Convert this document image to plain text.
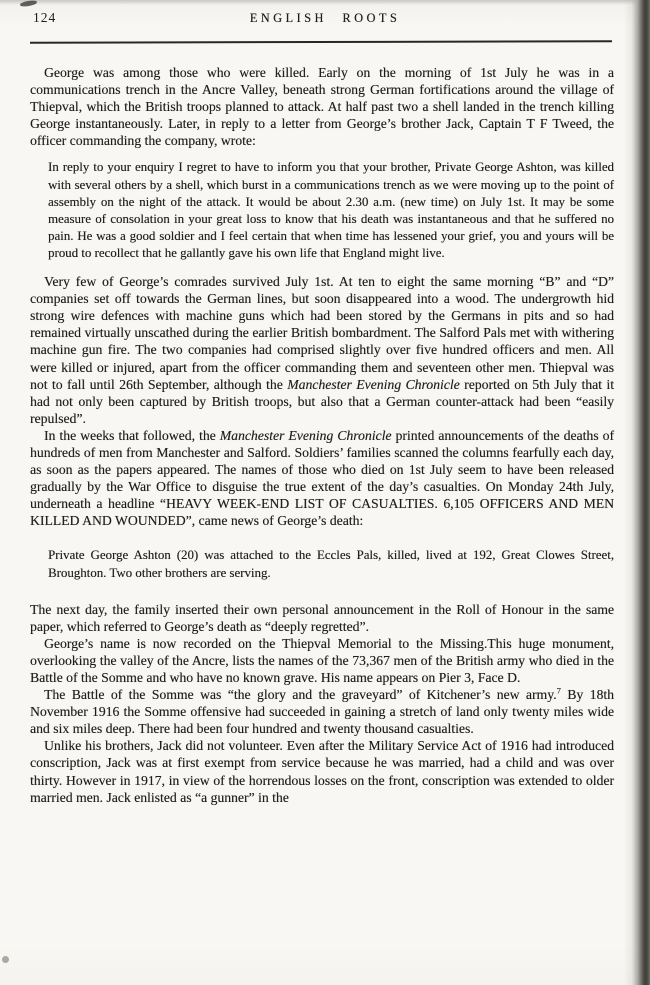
124	ENGLISH ROOTS

George was among those who were killed. Early on the morning of 1st July he was in a communications trench in the Ancre Valley, beneath strong German fortifications around the village of Thiepval, which the British troops planned to attack. At half past two a shell landed in the trench killing George instantaneously. Later, in reply to a letter from George’s brother Jack, Captain T F Tweed, the officer commanding the company, wrote:

In reply to your enquiry I regret to have to inform you that your brother, Private George Ashton, was killed with several others by a shell, which burst in a communications trench as we were moving up to the point of assembly on the night of the attack. It would be about 2.30 a.m. (new time) on July 1st. It may be some measure of consolation in your great loss to know that his death was instantaneous and that he suffered no pain. He was a good soldier and I feel certain that when time has lessened your grief, you and yours will be proud to recollect that he gallantly gave his own life that England might live.

Very few of George’s comrades survived July 1st. At ten to eight the same morning “B” and “D” companies set off towards the German lines, but soon disappeared into a wood. The undergrowth hid strong wire defences with machine guns which had been stored by the Germans in pits and so had remained virtually unscathed during the earlier British bombardment. The Salford Pals met with withering machine gun fire. The two companies had comprised slightly over five hundred officers and men. All were killed or injured, apart from the officer commanding them and seventeen other men. Thiepval was not to fall until 26th September, although the Manchester Evening Chronicle reported on 5th July that it had not only been captured by British troops, but also that a German counter-attack had been “easily repulsed”.

In the weeks that followed, the Manchester Evening Chronicle printed announcements of the deaths of hundreds of men from Manchester and Salford. Soldiers’ families scanned the columns fearfully each day, as soon as the papers appeared. The names of those who died on 1st July seem to have been released gradually by the War Office to disguise the true extent of the day’s casualties. On Monday 24th July, underneath a headline “HEAVY WEEK-END LIST OF CASUALTIES. 6,105 OFFICERS AND MEN KILLED AND WOUNDED”, came news of George’s death:

Private George Ashton (20) was attached to the Eccles Pals, killed, lived at 192, Great Clowes Street, Broughton. Two other brothers are serving.

The next day, the family inserted their own personal announcement in the Roll of Honour in the same paper, which referred to George’s death as “deeply regretted”.

George’s name is now recorded on the Thiepval Memorial to the Missing.This huge monument, overlooking the valley of the Ancre, lists the names of the 73,367 men of the British army who died in the Battle of the Somme and who have no known grave. His name appears on Pier 3, Face D.

The Battle of the Somme was “the glory and the graveyard” of Kitchener’s new army.$^7$ By 18th November 1916 the Somme offensive had succeeded in gaining a stretch of land only twenty miles wide and six miles deep. There had been four hundred and twenty thousand casualties.

Unlike his brothers, Jack did not volunteer. Even after the Military Service Act of 1916 had introduced conscription, Jack was at first exempt from service because he was married, had a child and was over thirty. However in 1917, in view of the horrendous losses on the front, conscription was extended to older married men. Jack enlisted as “a gunner” in the
